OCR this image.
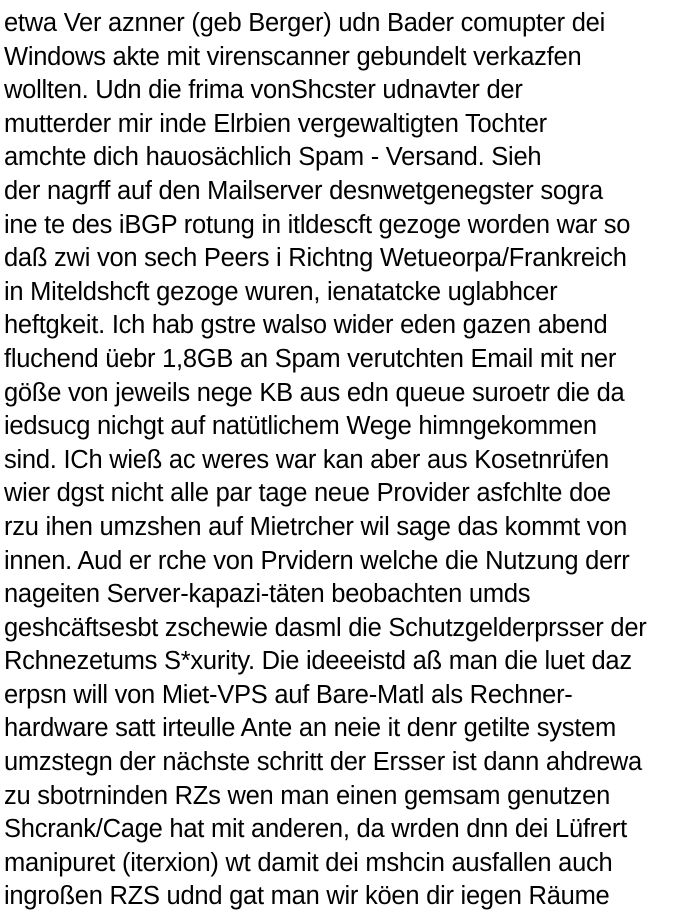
etwa Ver aznner (geb Berger) udn Bader comupter dei
Windows akte mit virenscanner gebundelt verkazfen
wollten. Udn die frima vonShcster udnavter der
mutterder mir inde Elrbien vergewaltigten Tochter
amchte dich hauosächlich Spam - Versand. Sieh
der nagrff auf den Mailserver desnwetgenegster sogra
ine te des iBGP rotung in itldescft gezoge worden war so
daß zwi von sech Peers i Richtng Wetueorpa/Frankreich
in Miteldshcft gezoge wuren, ienatatcke uglabhcer
heftgkeit. Ich hab gstre walso wider eden gazen abend
fluchend üebr 1,8GB an Spam verutchten Email mit ner
göße von jeweils nege KB aus edn queue suroetr die da
iedsucg nichgt auf natütlichem Wege himngekommen
sind. ICh wieß ac weres war kan aber aus Kosetnrüfen
wier dgst nicht alle par tage neue Provider asfchlte doe
rzu ihen umzshen auf Mietrcher wil sage das kommt von
innen. Aud er rche von Prvidern welche die Nutzung derr
nageiten Server-kapazi-täten beobachten umds
geshcäftsesbt zschewie dasml die Schutzgelderprsser der
Rchnezetums S*xurity. Die ideeeistd aß man die luet daz
erpsn will von Miet-VPS auf Bare-Matl als Rechner-
hardware satt irteulle Ante an neie it denr getilte system
umzstegn der nächste schritt der Ersser ist dann ahdrewa
zu sbotrninden RZs wen man einen gemsam genutzen
Shcrank/Cage hat mit anderen, da wrden dnn dei Lüfrert
manipuret (iterxion) wt damit dei mshcin ausfallen auch
ingroßen RZS udnd gat man wir köen dir iegen Räume
